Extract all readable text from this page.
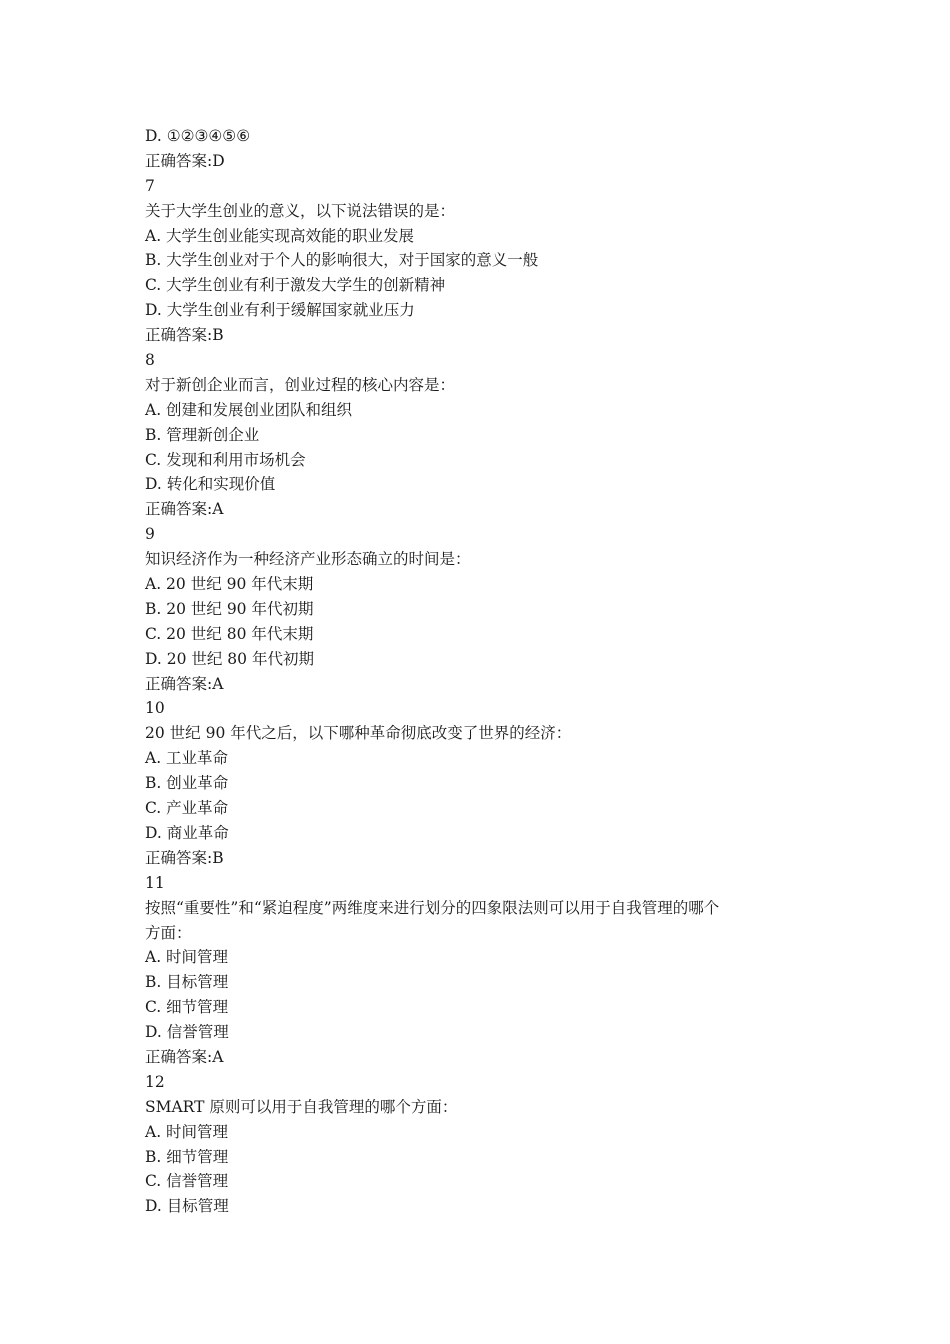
D. ①②③④⑤⑥
正确答案:D
7
关于大学生创业的意义，以下说法错误的是：
A. 大学生创业能实现高效能的职业发展
B. 大学生创业对于个人的影响很大，对于国家的意义一般
C. 大学生创业有利于激发大学生的创新精神
D. 大学生创业有利于缓解国家就业压力
正确答案:B
8
对于新创企业而言，创业过程的核心内容是：
A. 创建和发展创业团队和组织
B. 管理新创企业
C. 发现和利用市场机会
D. 转化和实现价值
正确答案:A
9
知识经济作为一种经济产业形态确立的时间是：
A. 20 世纪 90 年代末期
B. 20 世纪 90 年代初期
C. 20 世纪 80 年代末期
D. 20 世纪 80 年代初期
正确答案:A
10
20 世纪 90 年代之后，以下哪种革命彻底改变了世界的经济：
A. 工业革命
B. 创业革命
C. 产业革命
D. 商业革命
正确答案:B
11
按照“重要性”和“紧迫程度”两维度来进行划分的四象限法则可以用于自我管理的哪个
方面：
A. 时间管理
B. 目标管理
C. 细节管理
D. 信誉管理
正确答案:A
12
SMART 原则可以用于自我管理的哪个方面：
A. 时间管理
B. 细节管理
C. 信誉管理
D. 目标管理
